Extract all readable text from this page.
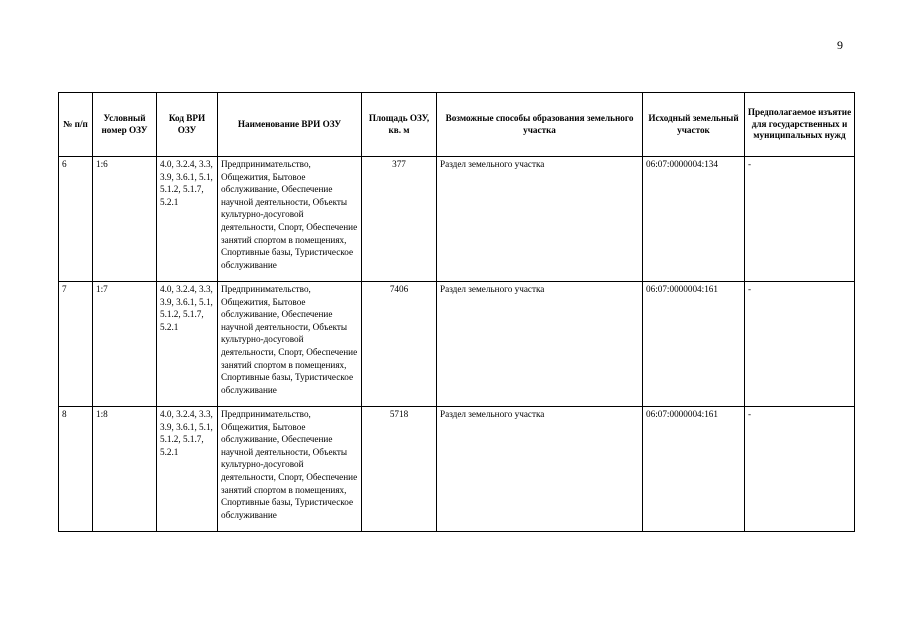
9
№ п/п	Условный номер ОЗУ	Код ВРИ ОЗУ	Наименование ВРИ ОЗУ	Площадь ОЗУ, кв. м	Возможные способы образования земельного участка	Исходный земельный участок	Предполагаемое изъятие для государственных и муниципальных нужд
6	1:6	4.0, 3.2.4, 3.3, 3.9, 3.6.1, 5.1, 5.1.2, 5.1.7, 5.2.1	Предпринимательство, Общежития, Бытовое обслуживание, Обеспечение научной деятельности, Объекты культурно-досуговой деятельности, Спорт, Обеспечение занятий спортом в помещениях, Спортивные базы, Туристическое обслуживание	377	Раздел земельного участка	06:07:0000004:134	-
7	1:7	4.0, 3.2.4, 3.3, 3.9, 3.6.1, 5.1, 5.1.2, 5.1.7, 5.2.1	Предпринимательство, Общежития, Бытовое обслуживание, Обеспечение научной деятельности, Объекты культурно-досуговой деятельности, Спорт, Обеспечение занятий спортом в помещениях, Спортивные базы, Туристическое обслуживание	7406	Раздел земельного участка	06:07:0000004:161	-
8	1:8	4.0, 3.2.4, 3.3, 3.9, 3.6.1, 5.1, 5.1.2, 5.1.7, 5.2.1	Предпринимательство, Общежития, Бытовое обслуживание, Обеспечение научной деятельности, Объекты культурно-досуговой деятельности, Спорт, Обеспечение занятий спортом в помещениях, Спортивные базы, Туристическое обслуживание	5718	Раздел земельного участка	06:07:0000004:161	-
